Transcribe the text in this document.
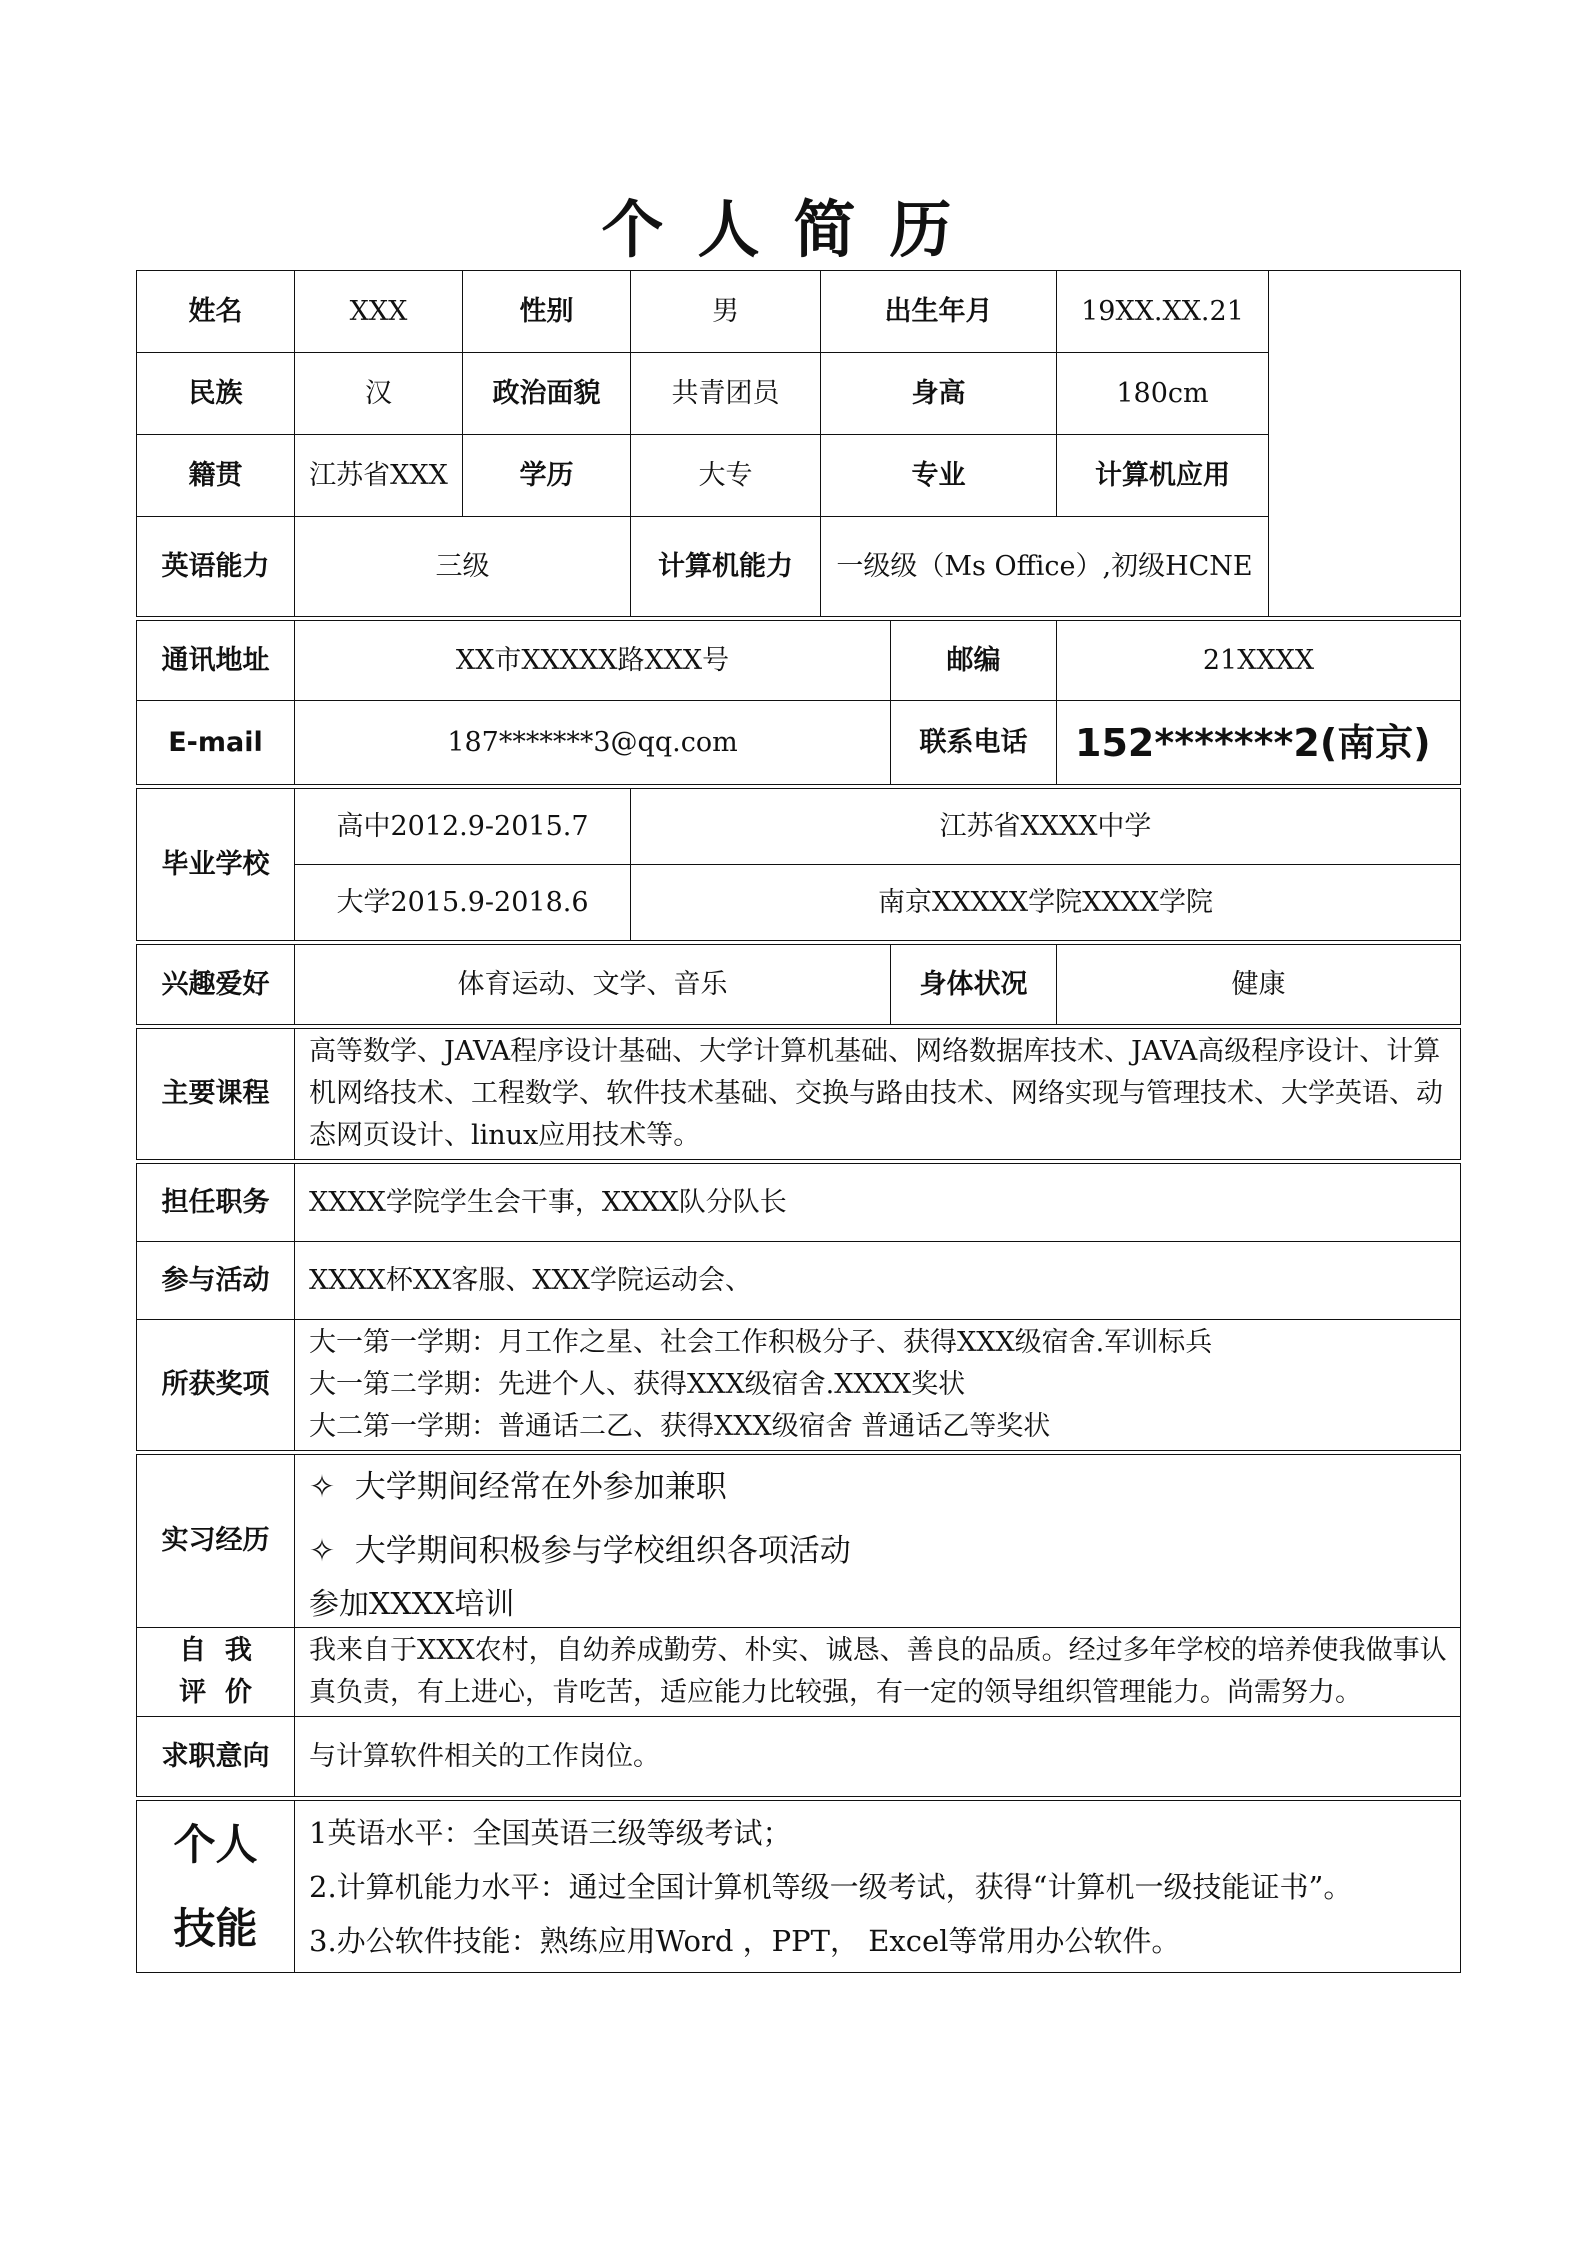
个人简历
姓名	XXX	性别	男	出生年月		19XX.XX.21	
民族	汉	政治面貌	共青团员	身高		180cm	
籍贯	江苏省XXX	学历	大专	专业		计算机应用	
英语能力	三级		计算机能力	一级级（Ms Office）,初级HCNE			

通讯地址	XX市XXXXX路XXX号				邮编	21XXXX	
E-mail	187*******3@qq.com				联系电话	152*******2(南京)	

毕业学校	高中2012.9-2015.7		江苏省XXXX中学				
	大学2015.9-2018.6		南京XXXXX学院XXXX学院				

兴趣爱好	体育运动、文学、音乐				身体状况	健康	

主要课程	高等数学、JAVA程序设计基础、大学计算机基础、网络数据库技术、JAVA高级程序设计、计算机网络技术、工程数学、软件技术基础、交换与路由技术、网络实现与管理技术、大学英语、动态网页设计、linux应用技术等。						

担任职务	XXXX学院学生会干事，XXXX队分队长						
参与活动	XXXX杯XX客服、XXX学院运动会、						
所获奖项	大一第一学期：月工作之星、社会工作积极分子、获得XXX级宿舍.军训标兵
大一第二学期：先进个人、获得XXX级宿舍.XXXX奖状
大二第一学期：普通话二乙、获得XXX级宿舍 普通话乙等奖状						

实习经历	✧ 大学期间经常在外参加兼职
✧ 大学期间积极参与学校组织各项活动
参加XXXX培训						

自  我
评  价	我来自于XXX农村，自幼养成勤劳、朴实、诚恳、善良的品质。经过多年学校的培养使我做事认真负责，有上进心，肯吃苦，适应能力比较强，有一定的领导组织管理能力。尚需努力。						
求职意向	与计算软件相关的工作岗位。						

个人
技能	1英语水平：全国英语三级等级考试；
2.计算机能力水平：通过全国计算机等级一级考试，获得“计算机一级技能证书”。
3.办公软件技能：熟练应用Word ，PPT， Excel等常用办公软件。						
